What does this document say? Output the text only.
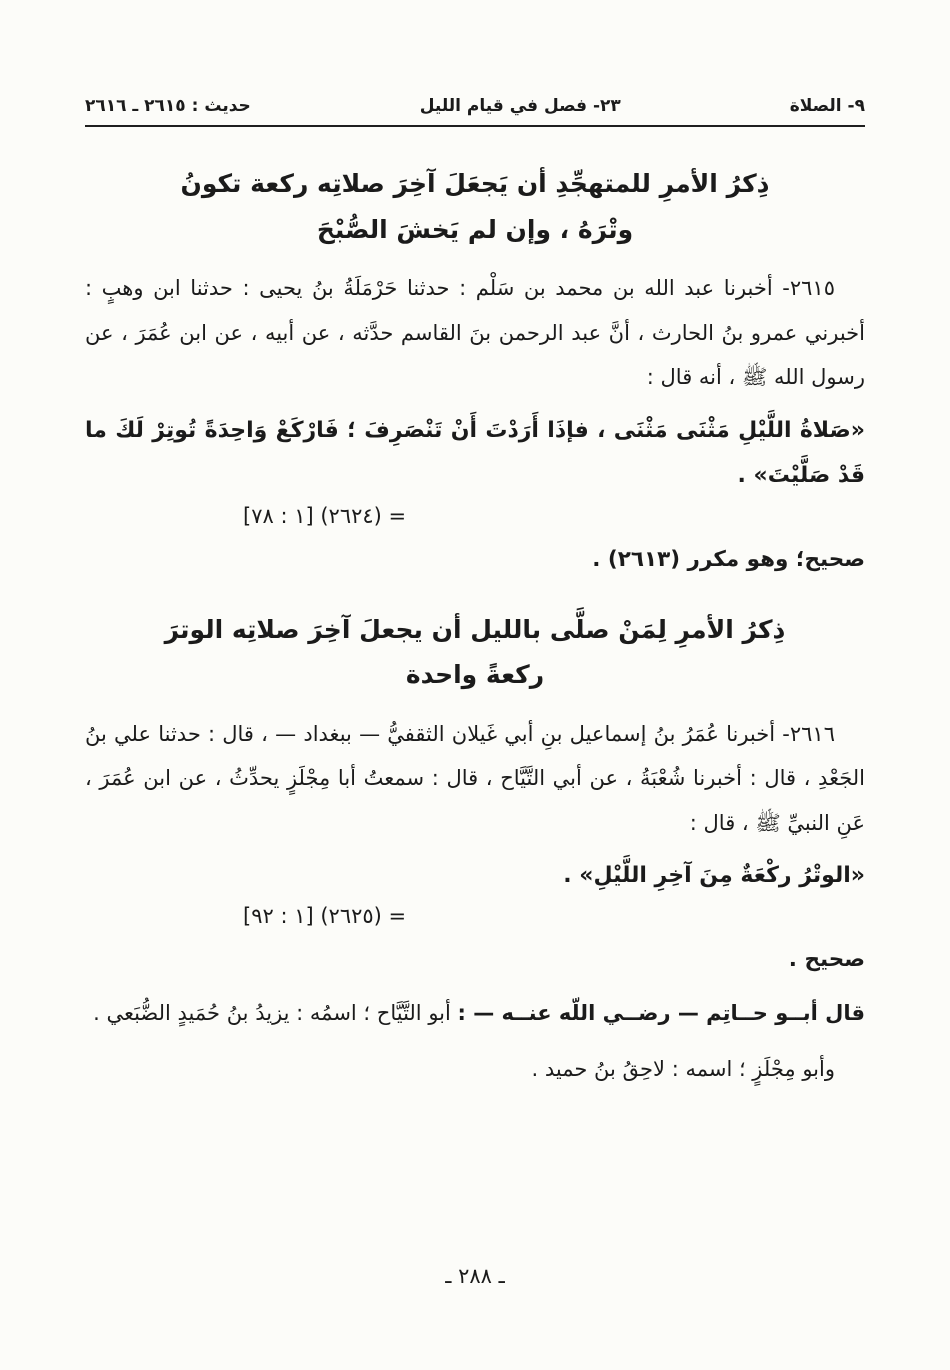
٩- الصلاة
٢٣- فصل في قيام الليل
حديث : ٢٦١٥ ـ ٢٦١٦
ذِكرُ الأمرِ للمتهجِّدِ أن يَجعَلَ آخِرَ صلاتِه ركعة تكونُ
وتْرَهُ ، وإن لم يَخشَ الصُّبْحَ

٢٦١٥- أخبرنا عبد الله بن محمد بن سَلْم : حدثنا حَرْمَلَةُ بنُ يحيى : حدثنا ابن وهبٍ : أخبرني عمرو بنُ الحارث ، أنَّ عبد الرحمن بنَ القاسم حدَّثه ، عن أبيه ، عن ابن عُمَرَ ، عن رسول الله ﷺ ، أنه قال :

«صَلاةُ اللَّيْلِ مَثْنَى مَثْنَى ، فإذَا أَرَدْتَ أَنْ تَنْصَرِفَ ؛ فَارْكَعْ وَاحِدَةً تُوتِرْ لَكَ ما قَدْ صَلَّيْتَ» .

= (٢٦٢٤) [١ : ٧٨]

صحيح؛ وهو مكرر (٢٦١٣) .

ذِكرُ الأمرِ لِمَنْ صلَّى بالليل أن يجعلَ آخِرَ صلاتِه الوترَ
ركعةً واحدة

٢٦١٦- أخبرنا عُمَرُ بنُ إسماعيل بنِ أبي غَيلان الثقفيُّ — ببغداد — ، قال : حدثنا علي بنُ الجَعْدِ ، قال : أخبرنا شُعْبَةُ ، عن أبي التَّيَّاح ، قال : سمعتُ أبا مِجْلَزٍ يحدِّثُ ، عن ابن عُمَرَ ، عَنِ النبيِّ ﷺ ، قال :

«الوتْرُ ركْعَةٌ مِنَ آخِرِ اللَّيْلِ» .

= (٢٦٢٥) [١ : ٩٢]

صحيح .

قال أبــو حــاتِم — رضــي اللّه عنــه — : أبو التَّيَّاح ؛ اسمُه : يزيدُ بنُ حُمَيدٍ الضُّبَعي .

وأبو مِجْلَزٍ ؛ اسمه : لاحِقُ بنُ حميد .

ـ ٢٨٨ ـ
